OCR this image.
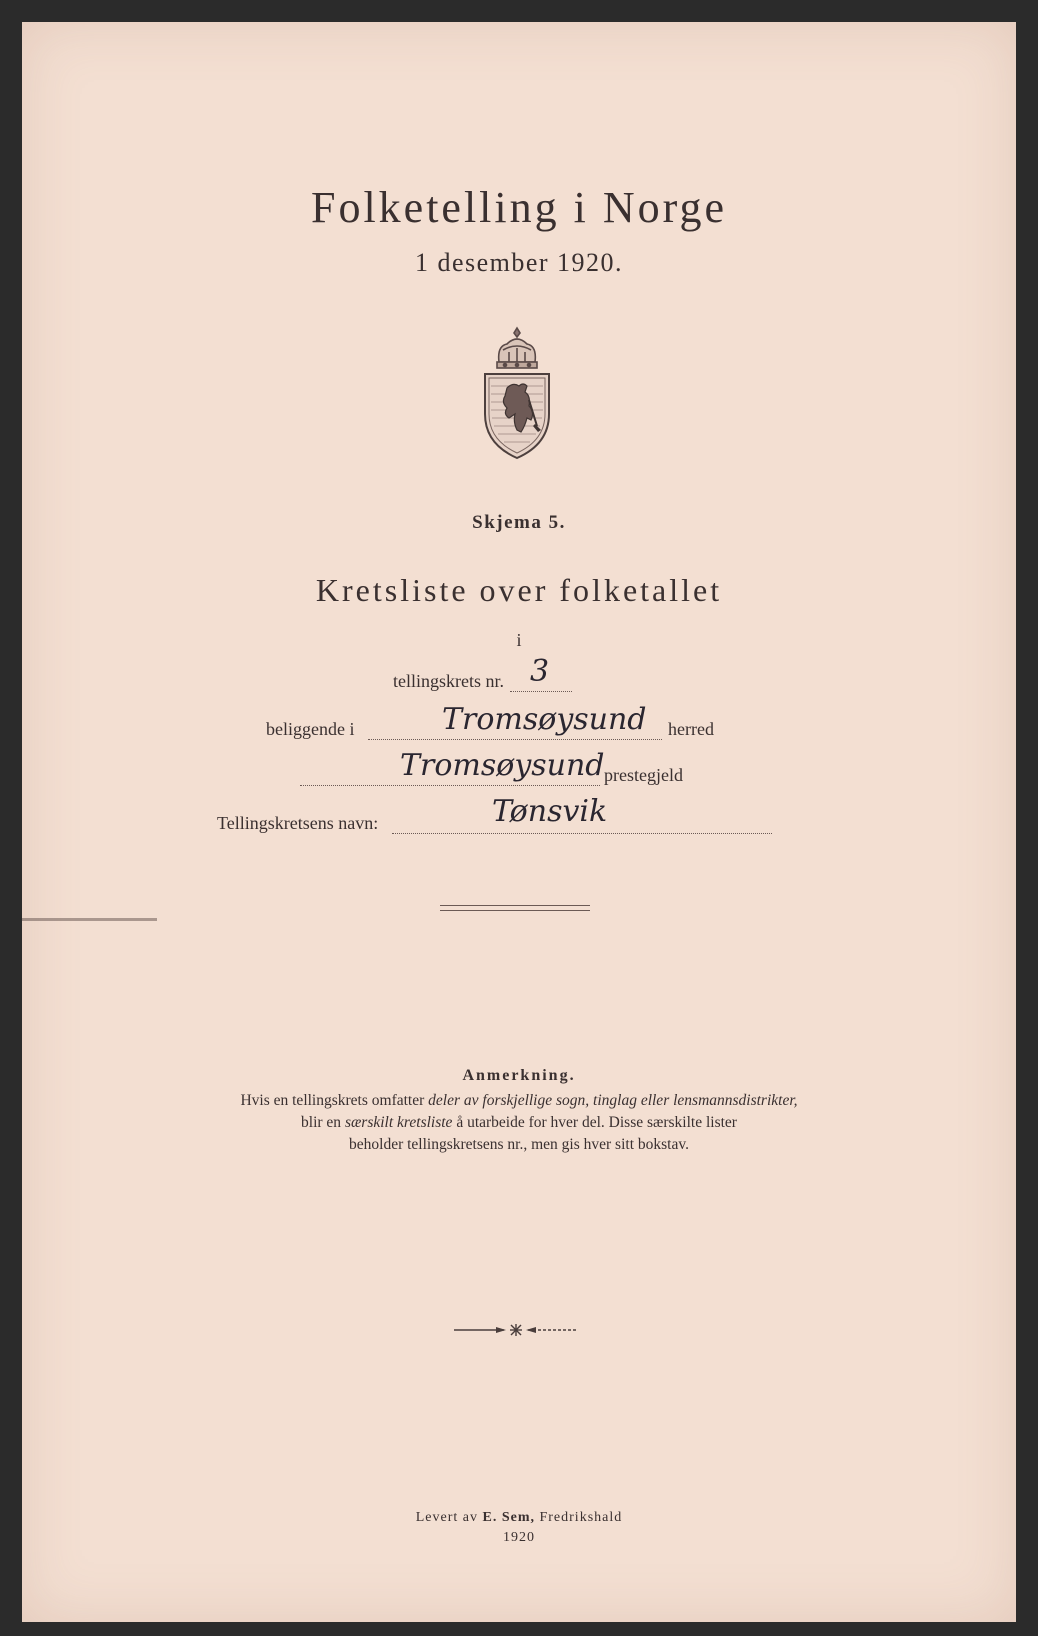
Folketelling i Norge
1 desember 1920.
Skjema 5.
Kretsliste over folketallet
i
tellingskrets nr. 3
beliggende i	Tromsøysund herred
Tromsøysund prestegjeld
Tellingskretsens navn:	Tønsvik
Anmerkning.
Hvis en tellingskrets omfatter deler av forskjellige sogn, tinglag eller lensmannsdistrikter,
blir en særskilt kretsliste å utarbeide for hver del. Disse særskilte lister
beholder tellingskretsens nr., men gis hver sitt bokstav.
Levert av E. Sem, Fredrikshald
1920
